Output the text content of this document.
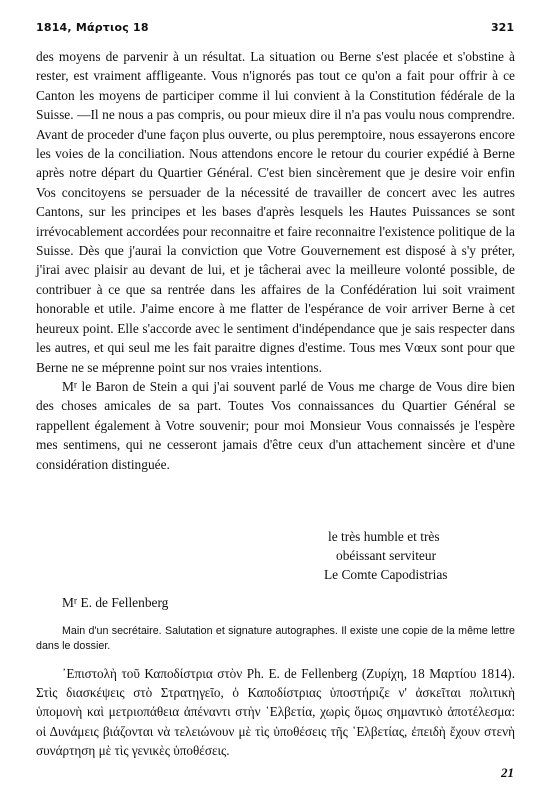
1814, Μάρτιος 18	321

des moyens de parvenir à un résultat. La situation ou Berne s'est placée et s'obstine à rester, est vraiment affligeante. Vous n'ignorés pas tout ce qu'on a fait pour offrir à ce Canton les moyens de participer comme il lui convient à la Constitution fédérale de la Suisse. —Il ne nous a pas compris, ou pour mieux dire il n'a pas voulu nous comprendre. Avant de proceder d'une façon plus ouverte, ou plus peremptoire, nous essayerons encore les voies de la conciliation. Nous attendons encore le retour du courier expédié à Berne après notre départ du Quartier Général. C'est bien sincèrement que je desire voir enfin Vos concitoyens se persuader de la nécessité de travailler de concert avec les autres Cantons, sur les principes et les bases d'après lesquels les Hautes Puissances se sont irrévocablement accordées pour reconnaitre et faire reconnaitre l'existence politique de la Suisse. Dès que j'aurai la conviction que Votre Gouvernement est disposé à s'y préter, j'irai avec plaisir au devant de lui, et je tâcherai avec la meilleure volonté possible, de contribuer à ce que sa rentrée dans les affaires de la Confédération lui soit vraiment honorable et utile. J'aime encore à me flatter de l'espérance de voir arriver Berne à cet heureux point. Elle s'accorde avec le sentiment d'indépendance que je sais respecter dans les autres, et qui seul me les fait paraitre dignes d'estime. Tous mes Vœux sont pour que Berne ne se méprenne point sur nos vraies intentions.

$M^r$ le Baron de Stein a qui j'ai souvent parlé de Vous me charge de Vous dire bien des choses amicales de sa part. Toutes Vos connaissances du Quartier Général se rappellent également à Votre souvenir; pour moi Monsieur Vous connaissés je l'espère mes sentimens, qui ne cesseront jamais d'être ceux d'un attachement sincère et d'une considération distinguée.

le très humble et très
obéissant serviteur
Le Comte Capodistrias
$M^r$ E. de Fellenberg

Main d'un secrétaire. Salutation et signature autographes. Il existe une copie de la même lettre dans le dossier.

᾿Επιστολὴ τοῦ Καποδίστρια στὸν Ph. E. de Fellenberg (Ζυρίχη, 18 Μαρτίου 1814). Στὶς διασκέψεις στὸ Στρατηγεῖο, ὁ Καποδίστριας ὑποστήριζε ν' ἀσκεῖται πολιτικὴ ὑπομονὴ καὶ μετριοπάθεια ἀπέναντι στὴν ῾Ελβετία, χωρὶς ὅμως σημαντικὸ ἀποτέλεσμα: οἱ Δυνάμεις βιάζονται νὰ τελειώνουν μὲ τὶς ὑποθέσεις τῆς ῾Ελβετίας, ἐπειδὴ ἔχουν στενὴ συνάρτηση μὲ τὶς γενικὲς ὑποθέσεις.

21
